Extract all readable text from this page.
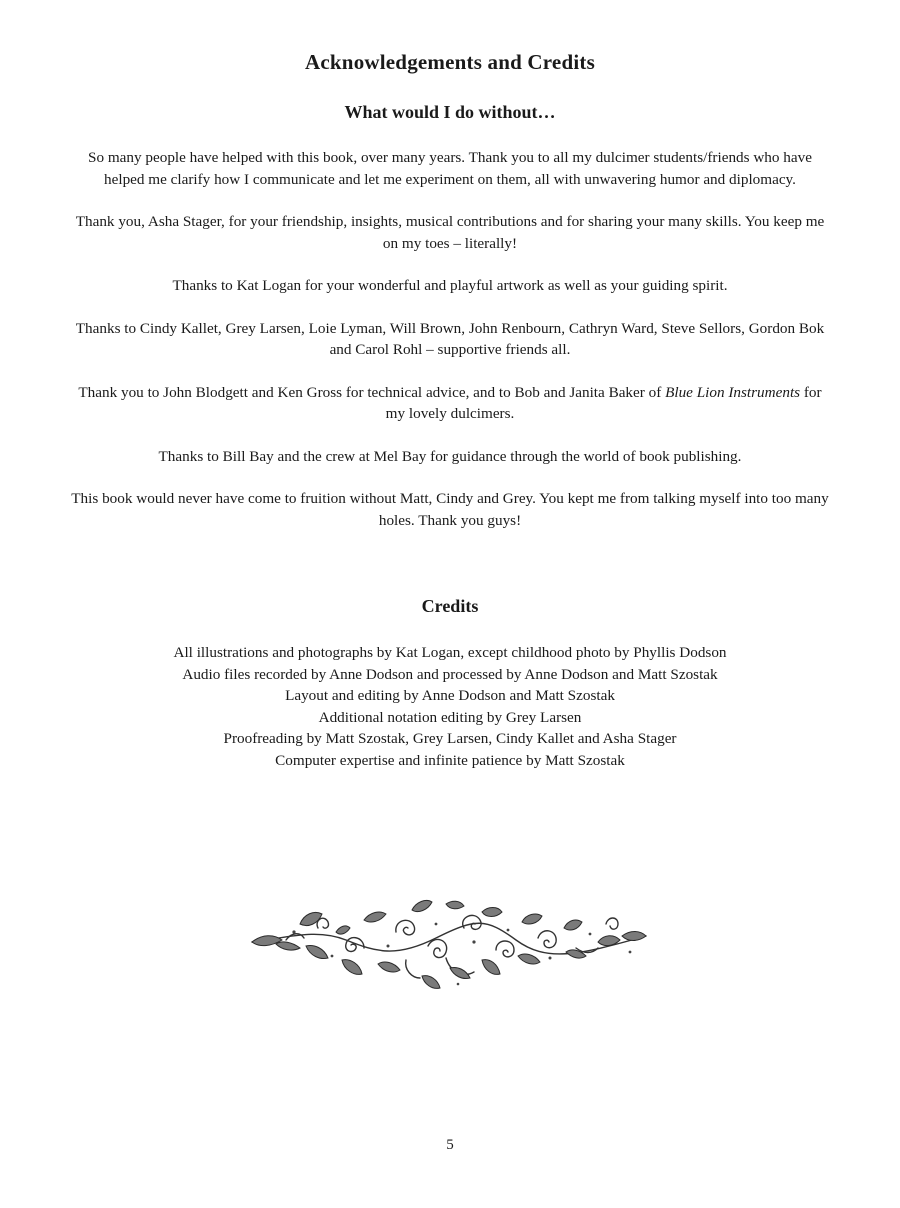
Acknowledgements and Credits
What would I do without…

So many people have helped with this book, over many years. Thank you to all my dulcimer students/friends who have helped me clarify how I communicate and let me experiment on them, all with unwavering humor and diplomacy.

Thank you, Asha Stager, for your friendship, insights, musical contributions and for sharing your many skills. You keep me on my toes – literally!

Thanks to Kat Logan for your wonderful and playful artwork as well as your guiding spirit.

Thanks to Cindy Kallet, Grey Larsen, Loie Lyman, Will Brown, John Renbourn, Cathryn Ward, Steve Sellors, Gordon Bok and Carol Rohl – supportive friends all.

Thank you to John Blodgett and Ken Gross for technical advice, and to Bob and Janita Baker of Blue Lion Instruments for my lovely dulcimers.

Thanks to Bill Bay and the crew at Mel Bay for guidance through the world of book publishing.

This book would never have come to fruition without Matt, Cindy and Grey. You kept me from talking myself into too many holes. Thank you guys!

Credits
All illustrations and photographs by Kat Logan, except childhood photo by Phyllis Dodson
Audio files recorded by Anne Dodson and processed by Anne Dodson and Matt Szostak
Layout and editing by Anne Dodson and Matt Szostak
Additional notation editing by Grey Larsen
Proofreading by Matt Szostak, Grey Larsen, Cindy Kallet and Asha Stager
Computer expertise and infinite patience by Matt Szostak
5
